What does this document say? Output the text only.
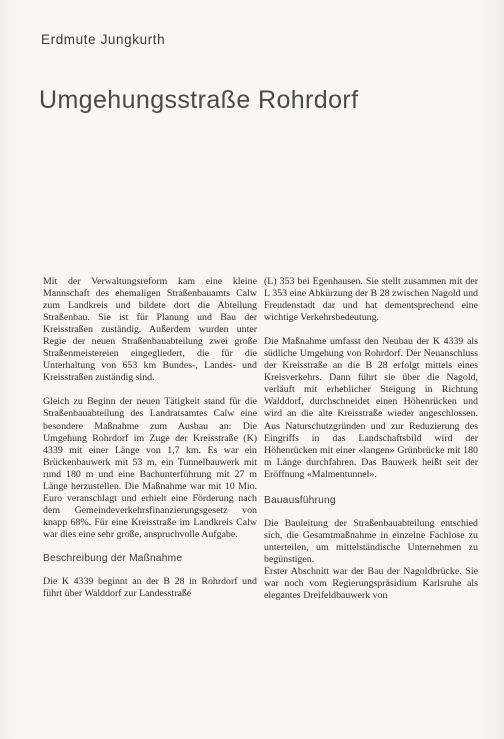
Erdmute Jungkurth
Umgehungsstraße Rohrdorf

Mit der Verwaltungsreform kam eine kleine Mannschaft des ehemaligen Straßenbauamts Calw zum Landkreis und bildete dort die Abteilung Straßenbau. Sie ist für Planung und Bau der Kreisstraßen zuständig. Außerdem wurden unter Regie der neuen Straßenbauabteilung zwei große Straßenmeistereien eingegliedert, die für die Unterhaltung von 653 km Bundes-, Landes- und Kreisstraßen zuständig sind.

Gleich zu Beginn der neuen Tätigkeit stand für die Straßenbauabteilung des Landratsamtes Calw eine besondere Maßnahme zum Ausbau an: Die Umgehung Rohrdorf im Zuge der Kreisstraße (K) 4339 mit einer Länge von 1,7 km. Es war ein Brückenbauwerk mit 53 m, ein Tunnelbauwerk mit rund 180 m und eine Bachunterführung mit 27 m Länge herzustellen. Die Maßnahme war mit 10 Mio. Euro veranschlagt und erhielt eine Förderung nach dem Gemeindeverkehrsfinanzierungsgesetz von knapp 68%. Für eine Kreisstraße im Landkreis Calw war dies eine sehr große, anspruchvolle Aufgabe.

Beschreibung der Maßnahme

Die K 4339 beginnt an der B 28 in Rohrdorf und führt über Walddorf zur Landesstraße

(L) 353 bei Egenhausen. Sie stellt zusammen mit der L 353 eine Abkürzung der B 28 zwischen Nagold und Freudenstadt dar und hat dementsprechend eine wichtige Verkehrsbedeutung.

Die Maßnahme umfasst den Neubau der K 4339 als südliche Umgehung von Rohrdorf. Der Neuanschluss der Kreisstraße an die B 28 erfolgt mittels eines Kreisverkehrs. Dann führt sie über die Nagold, verläuft mit erheblicher Steigung in Richtung Walddorf, durchschneidet einen Höhenrücken und wird an die alte Kreisstraße wieder angeschlossen. Aus Naturschutzgründen und zur Reduzierung des Eingriffs in das Landschaftsbild wird der Höhenrücken mit einer «langen» Grünbrücke mit 180 m Länge durchfahren. Das Bauwerk heißt seit der Eröffnung «Malmentunnel».

Bauausführung

Die Bauleitung der Straßenbauabteilung entschied sich, die Gesamtmaßnahme in einzelne Fachlose zu unterteilen, um mittelständische Unternehmen zu begünstigen.

Erster Abschnitt war der Bau der Nagoldbrücke. Sie war noch vom Regierungspräsidium Karlsruhe als elegantes Dreifeldbauwerk von
